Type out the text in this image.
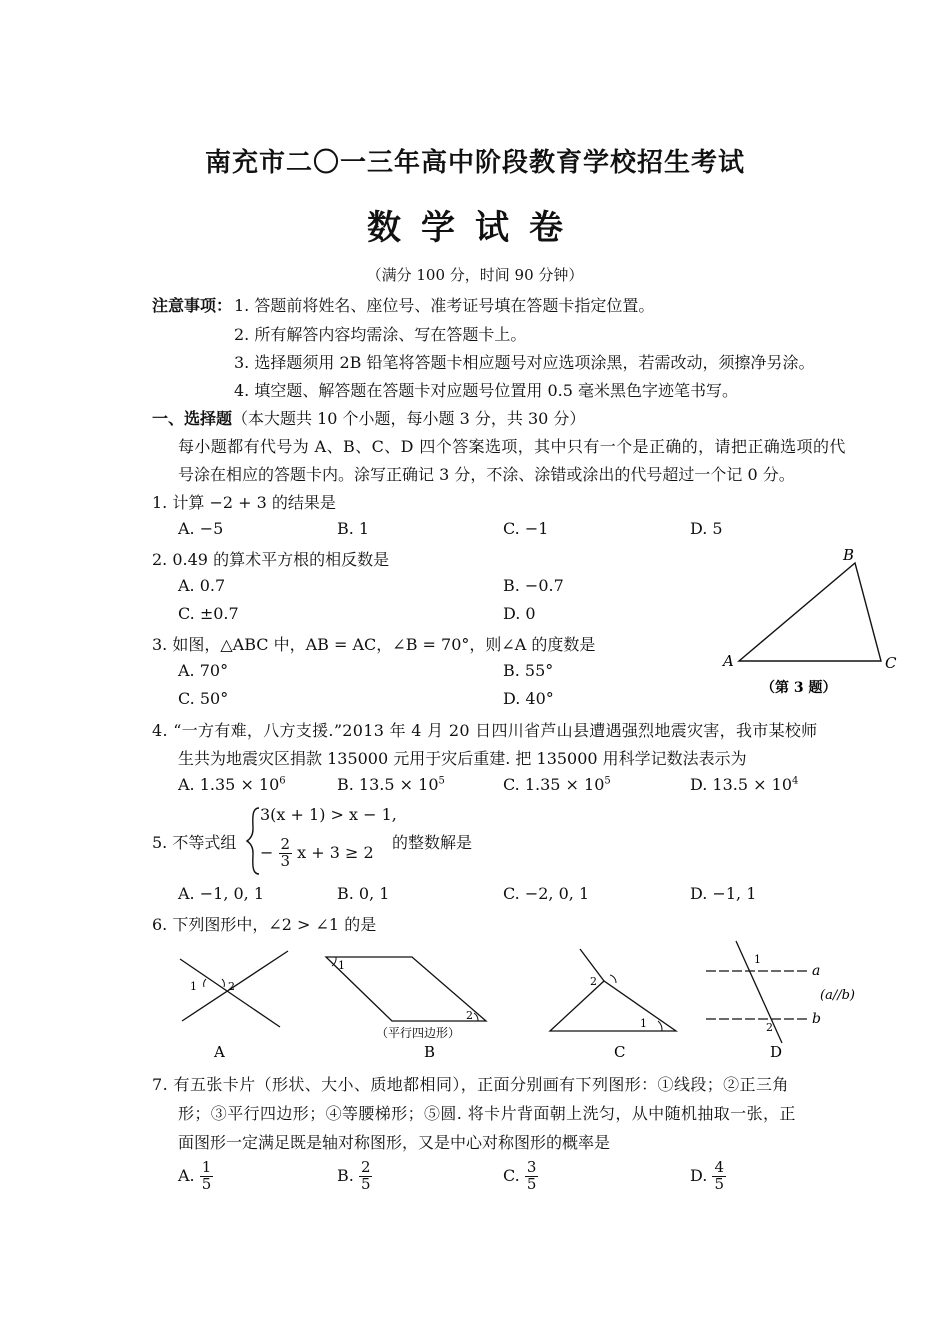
南充市二〇一三年高中阶段教育学校招生考试
数学试卷
（满分 100 分，时间 90 分钟）
注意事项： 1. 答题前将姓名、座位号、准考证号填在答题卡指定位置。
2. 所有解答内容均需涂、写在答题卡上。
3. 选择题须用 2B 铅笔将答题卡相应题号对应选项涂黑，若需改动，须擦净另涂。
4. 填空题、解答题在答题卡对应题号位置用 0.5 毫米黑色字迹笔书写。
一、选择题（本大题共 10 个小题，每小题 3 分，共 30 分）
每小题都有代号为 A、B、C、D 四个答案选项，其中只有一个是正确的，请把正确选项的代
号涂在相应的答题卡内。涂写正确记 3 分，不涂、涂错或涂出的代号超过一个记 0 分。
1. 计算 −2 + 3 的结果是
A. −5	B. 1	C. −1	D. 5
2. 0.49 的算术平方根的相反数是
A. 0.7	B. −0.7
C. ±0.7	D. 0
3. 如图，△ABC 中，AB = AC，∠B = 70°，则∠A 的度数是
A. 70°	B. 55°
C. 50°	D. 40°
A
B
C
（第 3 题）
4. “一方有难，八方支援.”2013 年 4 月 20 日四川省芦山县遭遇强烈地震灾害，我市某校师
生共为地震灾区捐款 135000 元用于灾后重建. 把 135000 用科学记数法表示为
A. $1.35 \times 10^6$	B. $13.5 \times 10^5$	C. $1.35 \times 10^5$	D. $13.5 \times 10^4$
5. 不等式组
3(x + 1) > x − 1,
− $\frac{2}{3}$ x + 3 ≥ 2
的整数解是
A. −1, 0, 1	B. 0, 1	C. −2, 0, 1	D. −1, 1
6. 下列图形中，∠2 > ∠1 的是
1	2
A
1
2
（平行四边形）
B
2
1
C
1
2
a
b
(a//b)
D
7. 有五张卡片（形状、大小、质地都相同），正面分别画有下列图形：①线段；②正三角
形；③平行四边形；④等腰梯形；⑤圆. 将卡片背面朝上洗匀，从中随机抽取一张，正
面图形一定满足既是轴对称图形，又是中心对称图形的概率是
A. $\frac{1}{5}$	B. $\frac{2}{5}$	C. $\frac{3}{5}$	D. $\frac{4}{5}$
